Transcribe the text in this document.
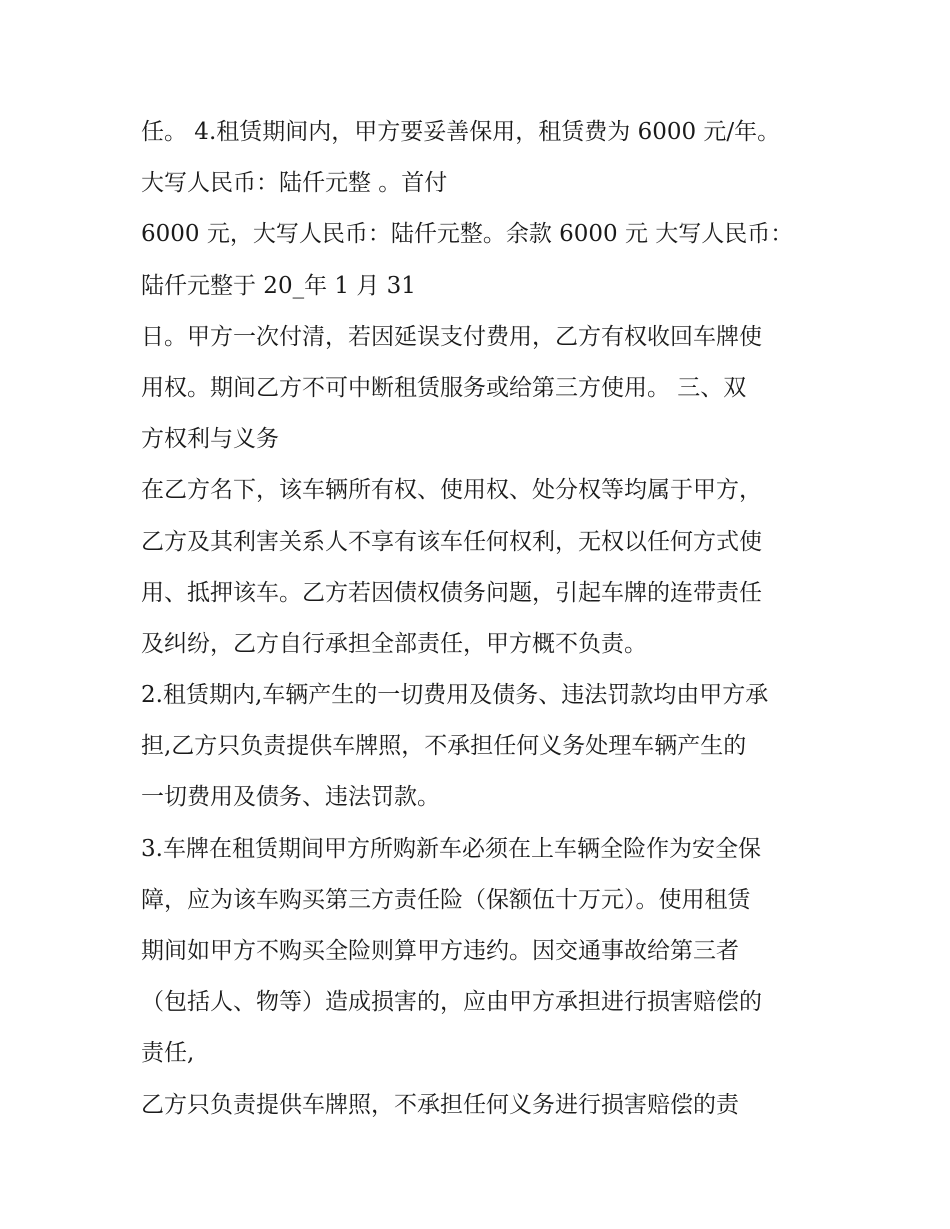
任。 4.租赁期间内，甲方要妥善保用，租赁费为 6000 元/年。
大写人民币：陆仟元整 。首付
6000 元，大写人民币：陆仟元整。余款 6000 元 大写人民币：
陆仟元整于 20_年 1 月 31
日。甲方一次付清，若因延误支付费用，乙方有权收回车牌使
用权。期间乙方不可中断租赁服务或给第三方使用。 三、双
方权利与义务
在乙方名下，该车辆所有权、使用权、处分权等均属于甲方，
乙方及其利害关系人不享有该车任何权利，无权以任何方式使
用、抵押该车。乙方若因债权债务问题，引起车牌的连带责任
及纠纷，乙方自行承担全部责任，甲方概不负责。
2.租赁期内,车辆产生的一切费用及债务、违法罚款均由甲方承
担,乙方只负责提供车牌照，不承担任何义务处理车辆产生的
一切费用及债务、违法罚款。
3.车牌在租赁期间甲方所购新车必须在上车辆全险作为安全保
障，应为该车购买第三方责任险（保额伍十万元）。使用租赁
期间如甲方不购买全险则算甲方违约。因交通事故给第三者
（包括人、物等）造成损害的，应由甲方承担进行损害赔偿的
责任,
乙方只负责提供车牌照，不承担任何义务进行损害赔偿的责
